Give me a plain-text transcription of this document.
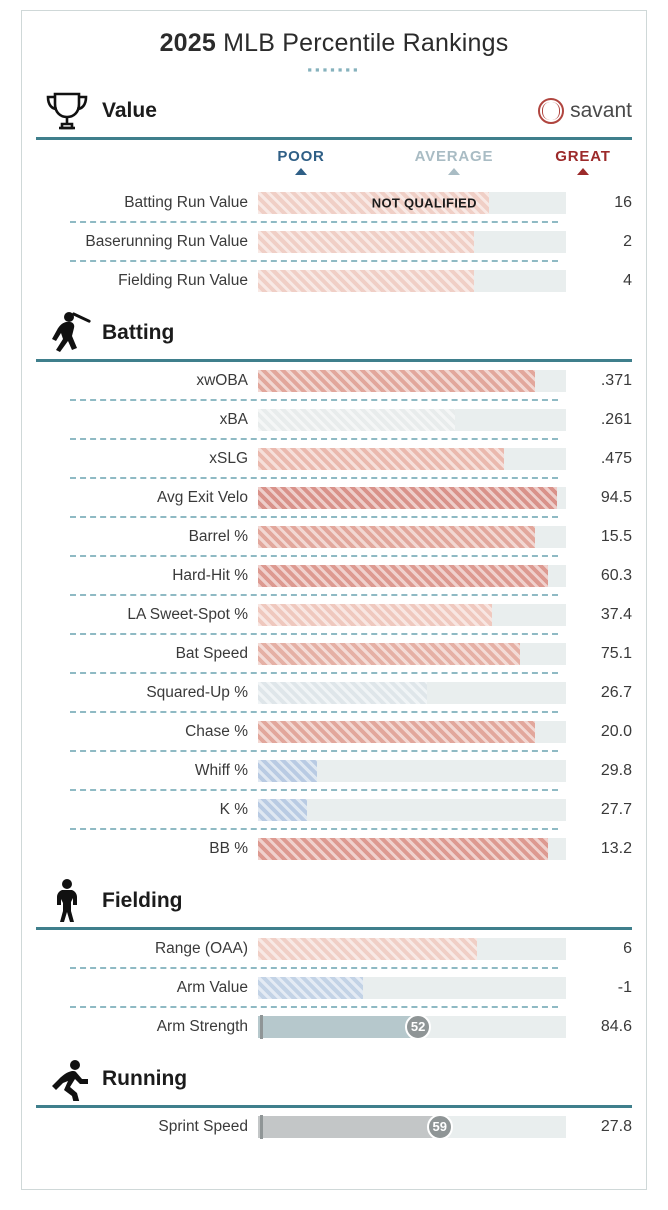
2025 MLB Percentile Rankings
▪▪▪▪▪▪▪
Value	savant
POOR	AVERAGE	GREAT
Batting Run Value	NOT QUALIFIED	16
Baserunning Run Value	2
Fielding Run Value	4
Batting
xwOBA	.371
xBA	.261
xSLG	.475
Avg Exit Velo	94.5
Barrel %	15.5
Hard-Hit %	60.3
LA Sweet-Spot %	37.4
Bat Speed	75.1
Squared-Up %	26.7
Chase %	20.0
Whiff %	29.8
K %	27.7
BB %	13.2
Fielding
Range (OAA)	6
Arm Value	-1
Arm Strength	52	84.6
Running
Sprint Speed	59	27.8
